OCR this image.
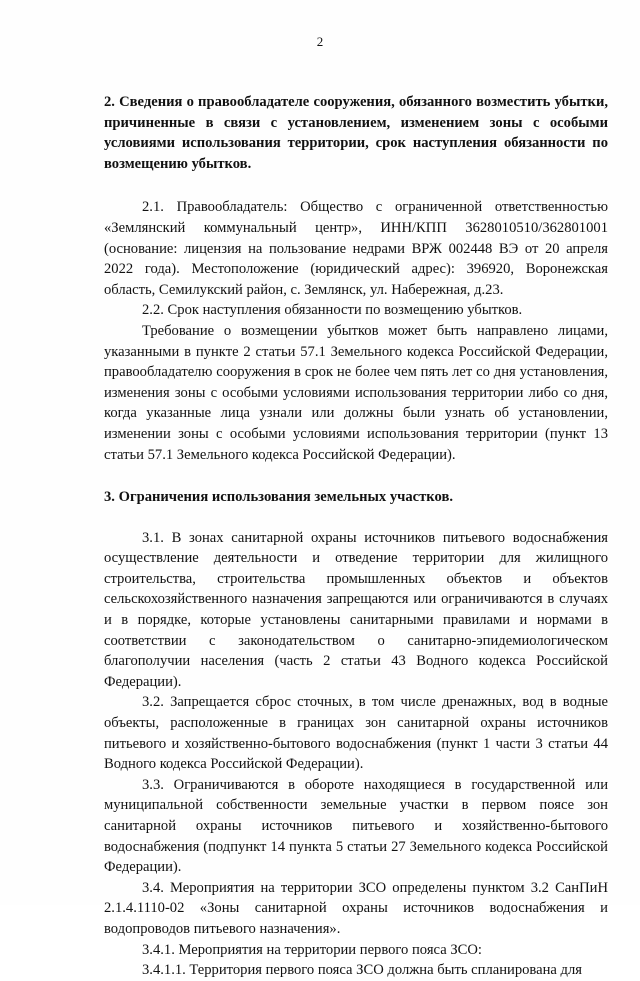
2
2. Сведения о правообладателе сооружения, обязанного возместить убытки, причиненные в связи с установлением, изменением зоны с особыми условиями использования территории, срок наступления обязанности по возмещению убытков.
2.1. Правообладатель: Общество с ограниченной ответственностью «Землянский коммунальный центр», ИНН/КПП 3628010510/362801001 (основание: лицензия на пользование недрами ВРЖ 002448 ВЭ от 20 апреля 2022 года). Местоположение (юридический адрес): 396920, Воронежская область, Семилукский район, с. Землянск, ул. Набережная, д.23.
2.2. Срок наступления обязанности по возмещению убытков.
Требование о возмещении убытков может быть направлено лицами, указанными в пункте 2 статьи 57.1 Земельного кодекса Российской Федерации, правообладателю сооружения в срок не более чем пять лет со дня установления, изменения зоны с особыми условиями использования территории либо со дня, когда указанные лица узнали или должны были узнать об установлении, изменении зоны с особыми условиями использования территории (пункт 13 статьи 57.1 Земельного кодекса Российской Федерации).
3. Ограничения использования земельных участков.
3.1. В зонах санитарной охраны источников питьевого водоснабжения осуществление деятельности и отведение территории для жилищного строительства, строительства промышленных объектов и объектов сельскохозяйственного назначения запрещаются или ограничиваются в случаях и в порядке, которые установлены санитарными правилами и нормами в соответствии с законодательством о санитарно-эпидемиологическом благополучии населения (часть 2 статьи 43 Водного кодекса Российской Федерации).
3.2. Запрещается сброс сточных, в том числе дренажных, вод в водные объекты, расположенные в границах зон санитарной охраны источников питьевого и хозяйственно-бытового водоснабжения (пункт 1 части 3 статьи 44 Водного кодекса Российской Федерации).
3.3. Ограничиваются в обороте находящиеся в государственной или муниципальной собственности земельные участки в первом поясе зон санитарной охраны источников питьевого и хозяйственно-бытового водоснабжения (подпункт 14 пункта 5 статьи 27 Земельного кодекса Российской Федерации).
3.4. Мероприятия на территории ЗСО определены пунктом 3.2 СанПиН 2.1.4.1110-02 «Зоны санитарной охраны источников водоснабжения и водопроводов питьевого назначения».
3.4.1. Мероприятия на территории первого пояса ЗСО:
3.4.1.1. Территория первого пояса ЗСО должна быть спланирована для
